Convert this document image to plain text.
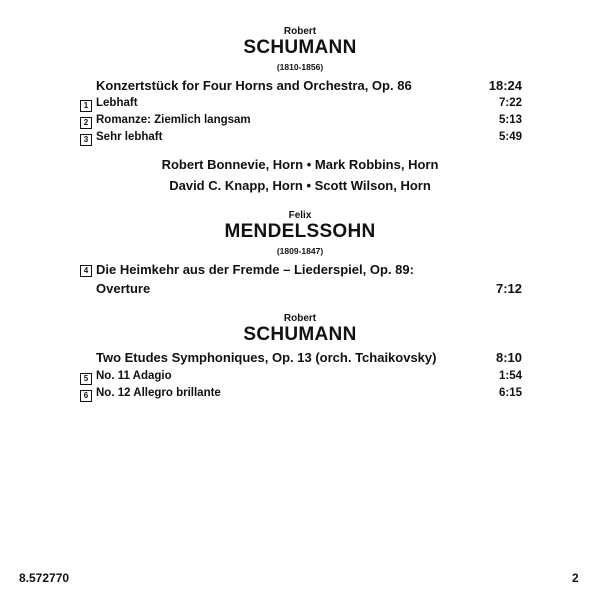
Robert
SCHUMANN
(1810-1856)
Konzertstück for Four Horns and Orchestra, Op. 86	18:24
1 Lebhaft	7:22
2 Romanze: Ziemlich langsam	5:13
3 Sehr lebhaft	5:49
Robert Bonnevie, Horn • Mark Robbins, Horn
David C. Knapp, Horn • Scott Wilson, Horn
Felix
MENDELSSOHN
(1809-1847)
4 Die Heimkehr aus der Fremde – Liederspiel, Op. 89:
Overture	7:12
Robert
SCHUMANN
Two Etudes Symphoniques, Op. 13 (orch. Tchaikovsky)	8:10
5 No. 11 Adagio	1:54
6 No. 12 Allegro brillante	6:15
8.572770	2
